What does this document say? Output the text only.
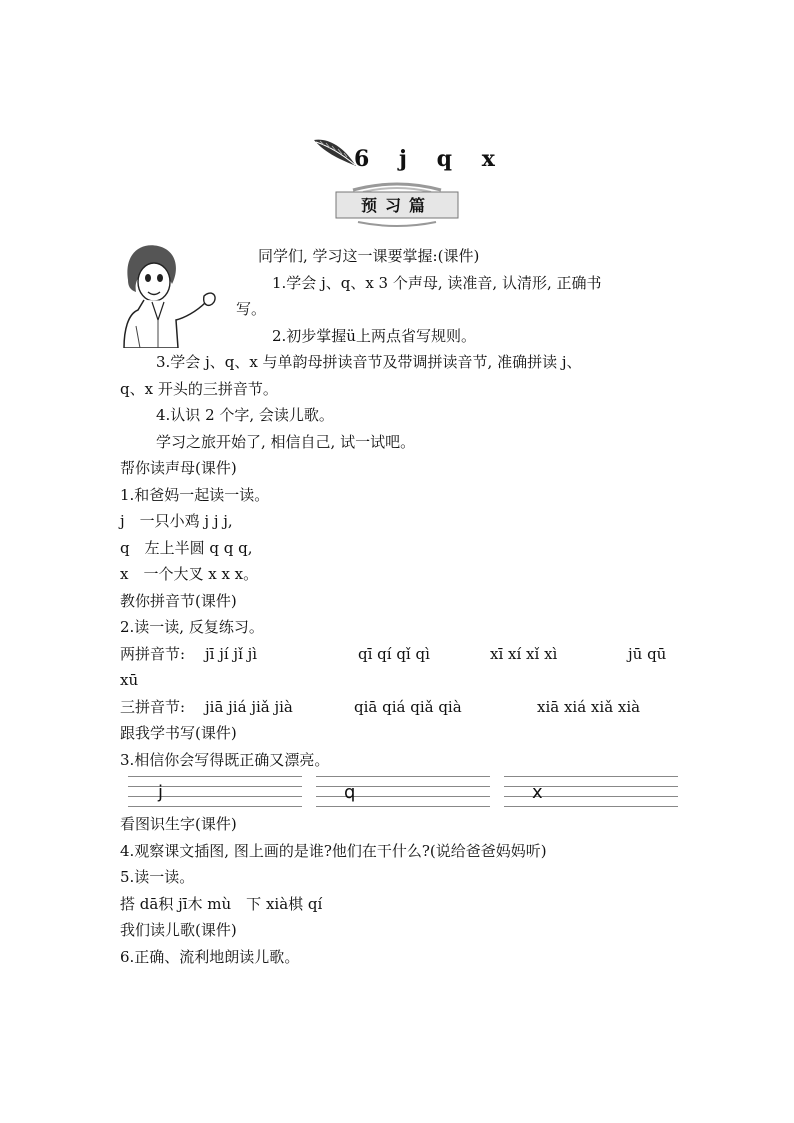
6 j q x
预习篇
同学们, 学习这一课要掌握:(课件)
1.学会 j、q、x 3 个声母, 读准音, 认清形, 正确书
写。
2.初步掌握ü上两点省写规则。
3.学会 j、q、x 与单韵母拼读音节及带调拼读音节, 准确拼读 j、
q、x 开头的三拼音节。
4.认识 2 个字, 会读儿歌。
学习之旅开始了, 相信自己, 试一试吧。
帮你读声母(课件)
1.和爸妈一起读一读。
j　一只小鸡 j j j,
q　左上半圆 q q q,
x　一个大叉 x x x。
教你拼音节(课件)
2.读一读, 反复练习。
两拼音节: jī jí jǐ jì	qī qí qǐ qì	xī xí xǐ xì	jū qū
xū
三拼音节: jiā jiá jiǎ jià	qiā qiá qiǎ qià	xiā xiá xiǎ xià
跟我学书写(课件)
3.相信你会写得既正确又漂亮。
j	q	x
看图识生字(课件)
4.观察课文插图, 图上画的是谁?他们在干什么?(说给爸爸妈妈听)
5.读一读。
搭 dā积 jī木 mù　下 xià棋 qí
我们读儿歌(课件)
6.正确、流利地朗读儿歌。
